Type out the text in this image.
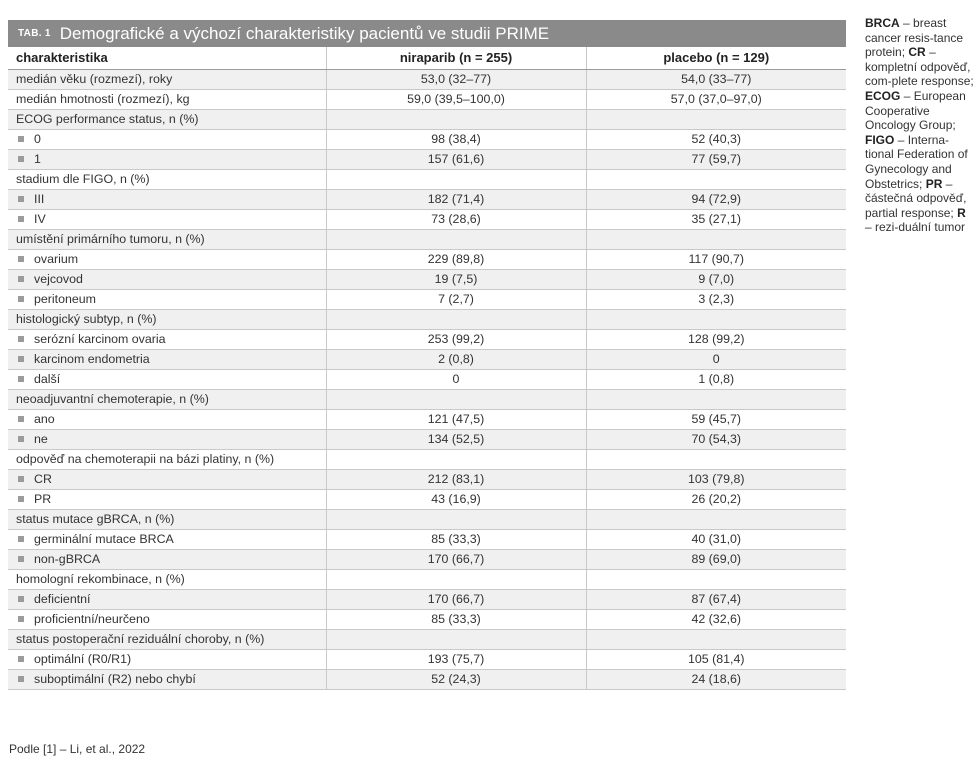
TAB. 1 Demografické a výchozí charakteristiky pacientů ve studii PRIME
charakteristika	niraparib (n = 255)	placebo (n = 129)
medián věku (rozmezí), roky	53,0 (32–77)	54,0 (33–77)
medián hmotnosti (rozmezí), kg	59,0 (39,5–100,0)	57,0 (37,0–97,0)
ECOG performance status, n (%)		
0	98 (38,4)	52 (40,3)
1	157 (61,6)	77 (59,7)
stadium dle FIGO, n (%)		
III	182 (71,4)	94 (72,9)
IV	73 (28,6)	35 (27,1)
umístění primárního tumoru, n (%)		
ovarium	229 (89,8)	117 (90,7)
vejcovod	19 (7,5)	9 (7,0)
peritoneum	7 (2,7)	3 (2,3)
histologický subtyp, n (%)		
serózní karcinom ovaria	253 (99,2)	128 (99,2)
karcinom endometria	2 (0,8)	0
další	0	1 (0,8)
neoadjuvantní chemoterapie, n (%)		
ano	121 (47,5)	59 (45,7)
ne	134 (52,5)	70 (54,3)
odpověď na chemoterapii na bázi platiny, n (%)		
CR	212 (83,1)	103 (79,8)
PR	43 (16,9)	26 (20,2)
status mutace gBRCA, n (%)		
germinální mutace BRCA	85 (33,3)	40 (31,0)
non-gBRCA	170 (66,7)	89 (69,0)
homologní rekombinace, n (%)		
deficientní	170 (66,7)	87 (67,4)
proficientní/neurčeno	85 (33,3)	42 (32,6)
status postoperační reziduální choroby, n (%)		
optimální (R0/R1)	193 (75,7)	105 (81,4)
suboptimální (R2) nebo chybí	52 (24,3)	24 (18,6)
BRCA – breast cancer resis-tance protein; CR – kompletní odpověď, com-plete response; ECOG – European Cooperative Oncology Group; FIGO – Interna-tional Federation of Gynecology and Obstetrics; PR – částečná odpověď, partial response; R – rezi-duální tumor
Podle [1] – Li, et al., 2022
